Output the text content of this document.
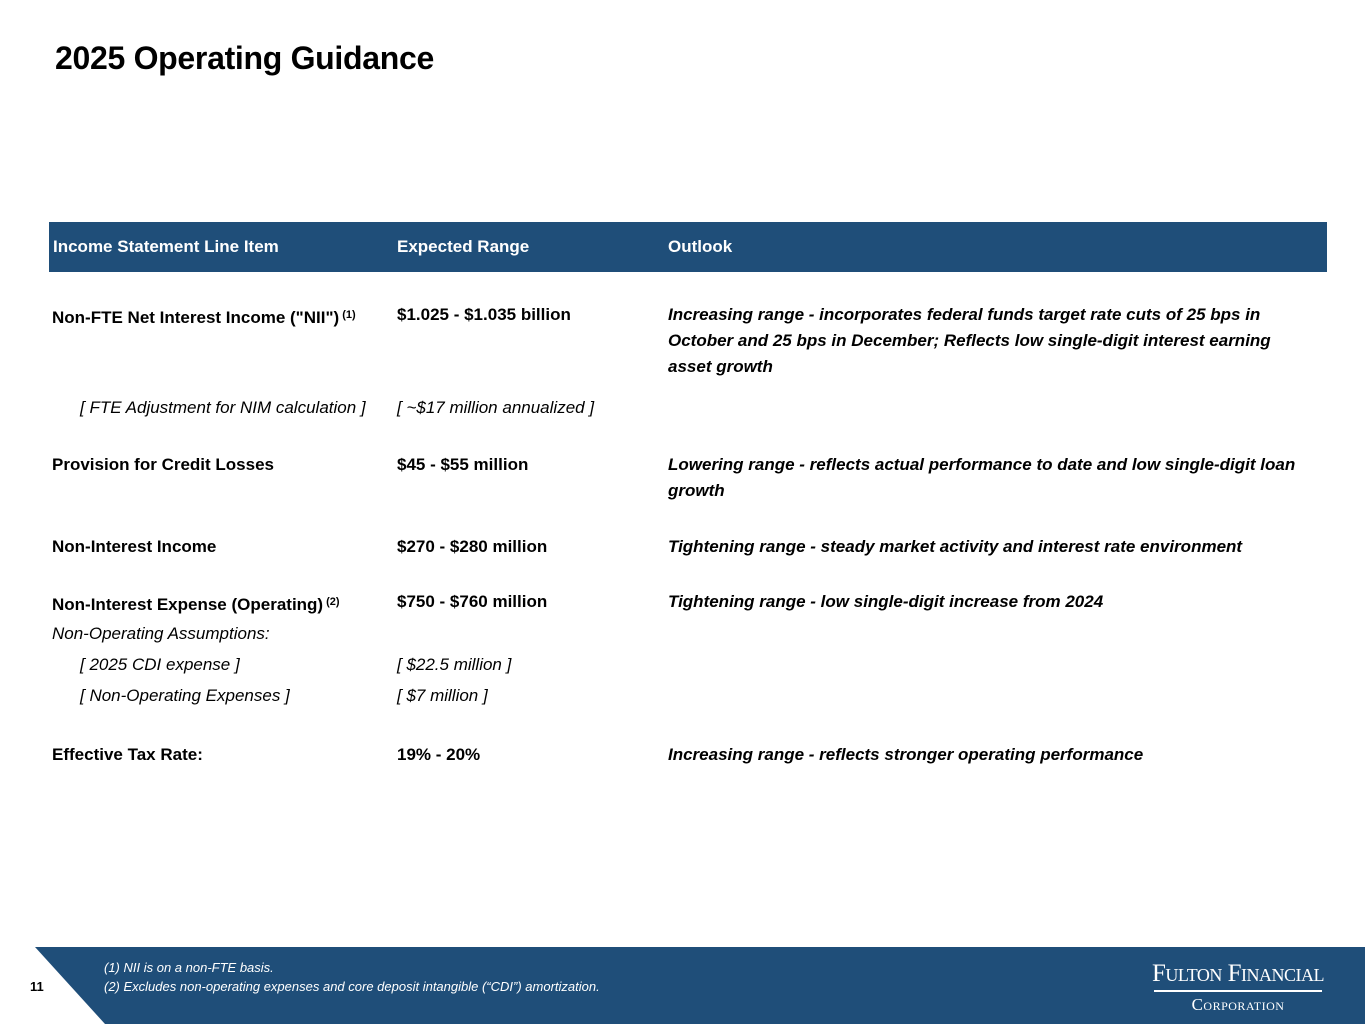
2025 Operating Guidance
Income Statement Line Item	Expected Range	Outlook
Non-FTE Net Interest Income ("NII") $^{(1)}$ $1.025 - $1.035 billion	Increasing range - incorporates federal funds target rate cuts of 25 bps in October and 25 bps in December; Reflects low single-digit interest earning asset growth
[ FTE Adjustment for NIM calculation ] [ ~$17 million annualized ]
Provision for Credit Losses	$45 - $55 million	Lowering range - reflects actual performance to date and low single-digit loan growth
Non-Interest Income	$270 - $280 million	Tightening range - steady market activity and interest rate environment
Non-Interest Expense (Operating) $^{(2)}$	$750 - $760 million	Tightening range - low single-digit increase from 2024
Non-Operating Assumptions:
[ 2025 CDI expense ]	[ $22.5 million ]
[ Non-Operating Expenses ]	[ $7 million ]
Effective Tax Rate:	19% - 20%	Increasing range - reflects stronger operating performance
11
(1) NII is on a non-FTE basis.
(2) Excludes non-operating expenses and core deposit intangible (“CDI”) amortization.	Fulton Financial
Corporation
